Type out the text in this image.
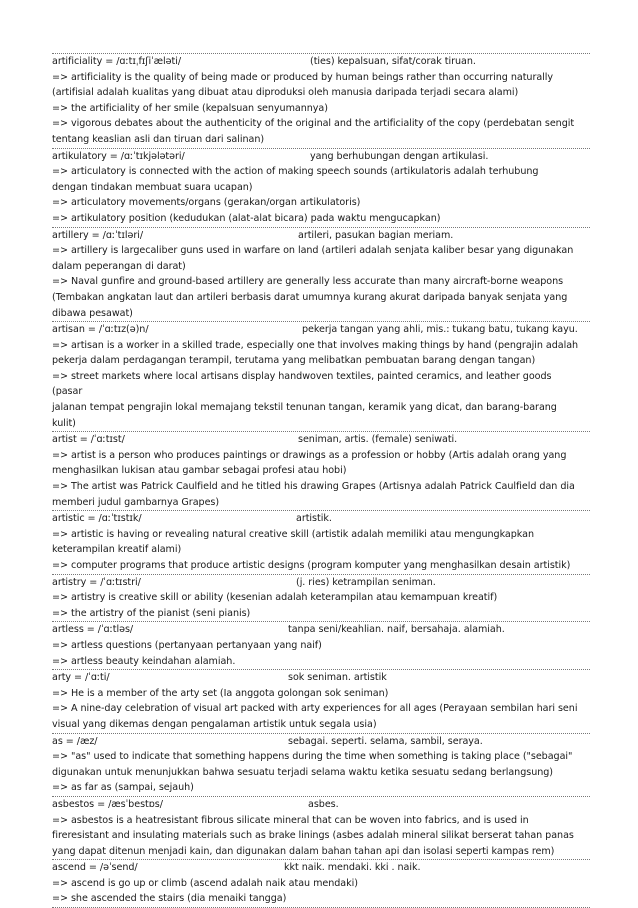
artificiality = /ɑːtɪˌfɪʃiˈæləti/	(ties) kepalsuan, sifat/corak tiruan.

=> artificiality is the quality of being made or produced by human beings rather than occurring naturally

(artifisial adalah kualitas yang dibuat atau diproduksi oleh manusia daripada terjadi secara alami)

=> the artificiality of her smile (kepalsuan senyumannya)

=> vigorous debates about the authenticity of the original and the artificiality of the copy (perdebatan sengit

tentang keaslian asli dan tiruan dari salinan)

artikulatory = /ɑːˈtɪkjələtəri/	yang berhubungan dengan artikulasi.

=> articulatory is connected with the action of making speech sounds (artikulatoris adalah terhubung

dengan tindakan membuat suara ucapan)

=> articulatory movements/organs (gerakan/organ artikulatoris)

=> artikulatory position (kedudukan (alat-alat bicara) pada waktu mengucapkan)

artillery = /ɑːˈtɪləri/	artileri, pasukan bagian meriam.

=> artillery is largecaliber guns used in warfare on land (artileri adalah senjata kaliber besar yang digunakan

dalam peperangan di darat)

=> Naval gunfire and ground-based artillery are generally less accurate than many aircraft-borne weapons

(Tembakan angkatan laut dan artileri berbasis darat umumnya kurang akurat daripada banyak senjata yang

dibawa pesawat)

artisan = /ˈɑːtɪz(ə)n/	pekerja tangan yang ahli, mis.: tukang batu, tukang kayu.

=> artisan is a worker in a skilled trade, especially one that involves making things by hand (pengrajin adalah

pekerja dalam perdagangan terampil, terutama yang melibatkan pembuatan barang dengan tangan)

=> street markets where local artisans display handwoven textiles, painted ceramics, and leather goods

(pasar

jalanan tempat pengrajin lokal memajang tekstil tenunan tangan, keramik yang dicat, dan barang-barang

kulit)

artist = /ˈɑːtɪst/	seniman, artis. (female) seniwati.

=> artist is a person who produces paintings or drawings as a profession or hobby (Artis adalah orang yang

menghasilkan lukisan atau gambar sebagai profesi atau hobi)

=> The artist was Patrick Caulfield and he titled his drawing Grapes (Artisnya adalah Patrick Caulfield dan dia

memberi judul gambarnya Grapes)

artistic = /ɑːˈtɪstɪk/	artistik.

=> artistic is having or revealing natural creative skill (artistik adalah memiliki atau mengungkapkan

keterampilan kreatif alami)

=> computer programs that produce artistic designs (program komputer yang menghasilkan desain artistik)

artistry = /ˈɑːtɪstri/	(j. ries) ketrampilan seniman.

=> artistry is creative skill or ability (kesenian adalah keterampilan atau kemampuan kreatif)

=> the artistry of the pianist (seni pianis)

artless = /ˈɑːtləs/	tanpa seni/keahlian. naif, bersahaja. alamiah.

=> artless questions (pertanyaan pertanyaan yang naif)

=> artless beauty keindahan alamiah.

arty = /ˈɑːti/	sok seniman. artistik

=> He is a member of the arty set (Ia anggota golongan sok seniman)

=> A nine-day celebration of visual art packed with arty experiences for all ages (Perayaan sembilan hari seni

visual yang dikemas dengan pengalaman artistik untuk segala usia)

as = /æz/	sebagai. seperti. selama, sambil, seraya.

=> "as" used to indicate that something happens during the time when something is taking place ("sebagai"

digunakan untuk menunjukkan bahwa sesuatu terjadi selama waktu ketika sesuatu sedang berlangsung)

=> as far as (sampai, sejauh)

asbestos = /æsˈbestɒs/	asbes.

=> asbestos is a heatresistant fibrous silicate mineral that can be woven into fabrics, and is used in

fireresistant and insulating materials such as brake linings (asbes adalah mineral silikat berserat tahan panas

yang dapat ditenun menjadi kain, dan digunakan dalam bahan tahan api dan isolasi seperti kampas rem)

ascend = /əˈsend/	kkt naik. mendaki. kki . naik.

=> ascend is go up or climb (ascend adalah naik atau mendaki)

=> she ascended the stairs (dia menaiki tangga)
